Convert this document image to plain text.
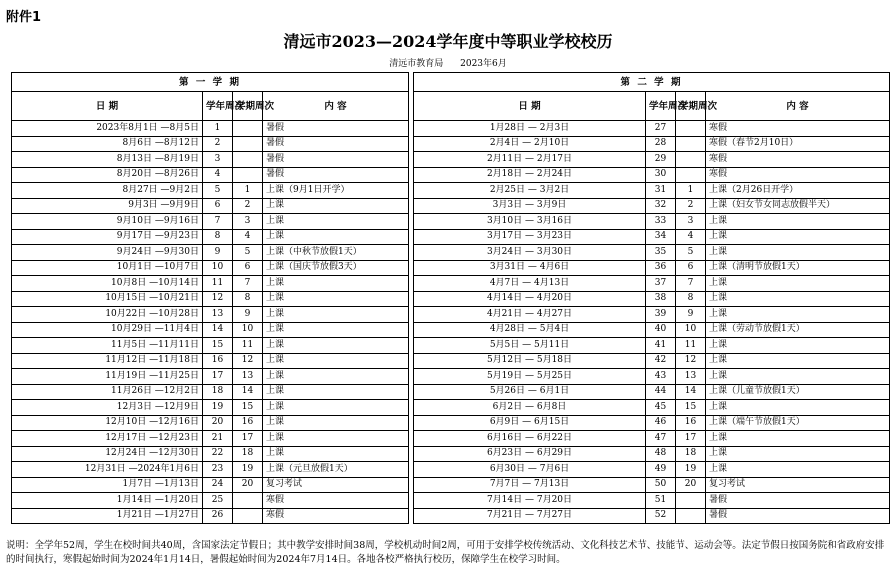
附件1
清远市2023—2024学年度中等职业学校校历
清远市教育局 2023年6月
第 一 学 期			
日 期	学年周次	学期周次	内 容
2023年8月1日 —8月5日	1		暑假
8月6日 —8月12日	2		暑假
8月13日 —8月19日	3		暑假
8月20日 —8月26日	4		暑假
8月27日 —9月2日	5	1	上课（9月1日开学）
9月3日 —9月9日	6	2	上课
9月10日 —9月16日	7	3	上课
9月17日 —9月23日	8	4	上课
9月24日 —9月30日	9	5	上课（中秋节放假1天）
10月1日 —10月7日	10	6	上课（国庆节放假3天）
10月8日 —10月14日	11	7	上课
10月15日 —10月21日	12	8	上课
10月22日 —10月28日	13	9	上课
10月29日 —11月4日	14	10	上课
11月5日 —11月11日	15	11	上课
11月12日 —11月18日	16	12	上课
11月19日 —11月25日	17	13	上课
11月26日 —12月2日	18	14	上课
12月3日 —12月9日	19	15	上课
12月10日 —12月16日	20	16	上课
12月17日 —12月23日	21	17	上课
12月24日 —12月30日	22	18	上课
12月31日 —2024年1月6日	23	19	上课（元旦放假1天）
1月7日 —1月13日	24	20	复习考试
1月14日 —1月20日	25		寒假
1月21日 —1月27日	26		寒假
第 二 学 期			
日 期	学年周次	学期周次	内 容
1月28日 — 2月3日	27		寒假
2月4日 — 2月10日	28		寒假（春节2月10日）
2月11日 — 2月17日	29		寒假
2月18日 — 2月24日	30		寒假
2月25日 — 3月2日	31	1	上课（2月26日开学）
3月3日 — 3月9日	32	2	上课（妇女节女同志放假半天）
3月10日 — 3月16日	33	3	上课
3月17日 — 3月23日	34	4	上课
3月24日 — 3月30日	35	5	上课
3月31日 — 4月6日	36	6	上课（清明节放假1天）
4月7日 — 4月13日	37	7	上课
4月14日 — 4月20日	38	8	上课
4月21日 — 4月27日	39	9	上课
4月28日 — 5月4日	40	10	上课（劳动节放假1天）
5月5日 — 5月11日	41	11	上课
5月12日 — 5月18日	42	12	上课
5月19日 — 5月25日	43	13	上课
5月26日 — 6月1日	44	14	上课（儿童节放假1天）
6月2日 — 6月8日	45	15	上课
6月9日 — 6月15日	46	16	上课（端午节放假1天）
6月16日 — 6月22日	47	17	上课
6月23日 — 6月29日	48	18	上课
6月30日 — 7月6日	49	19	上课
7月7日 — 7月13日	50	20	复习考试
7月14日 — 7月20日	51		暑假
7月21日 — 7月27日	52		暑假
说明：全学年52周，学生在校时间共40周，含国家法定节假日；其中教学安排时间38周，学校机动时间2周，可用于安排学校传统活动、文化科技艺术节、技能节、运动会等。法定节假日按国务院和省政府安排的时间执行，寒假起始时间为2024年1月14日，暑假起始时间为2024年7月14日。各地各校严格执行校历，保障学生在校学习时间。
